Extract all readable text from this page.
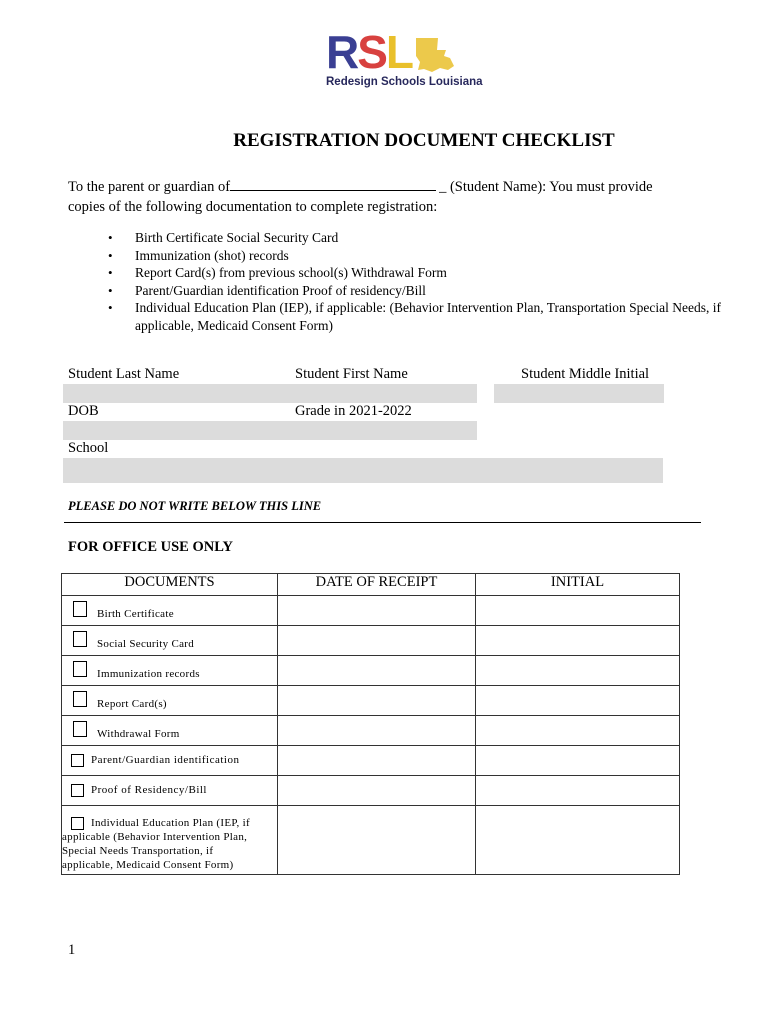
RSL
Redesign Schools Louisiana
REGISTRATION DOCUMENT CHECKLIST
To the parent or guardian of	_ (Student Name): You must provide
copies of the following documentation to complete registration:
• Birth Certificate Social Security Card
• Immunization (shot) records
• Report Card(s) from previous school(s) Withdrawal Form
• Parent/Guardian identification Proof of residency/Bill
• Individual Education Plan (IEP), if applicable: (Behavior Intervention Plan, Transportation Special Needs, if applicable, Medicaid Consent Form)
Student Last Name	Student First Name	Student Middle Initial
DOB	Grade in 2021-2022
School
PLEASE DO NOT WRITE BELOW THIS LINE
FOR OFFICE USE ONLY
DOCUMENTS	DATE OF RECEIPT	INITIAL

Birth Certificate		

Social Security Card		

Immunization records		

Report Card(s)		

Withdrawal Form		

Parent/Guardian identification		

Proof of Residency/Bill		

Individual Education Plan (IEP, if
applicable (Behavior Intervention Plan,
Special Needs Transportation, if
applicable, Medicaid Consent Form)		

1
